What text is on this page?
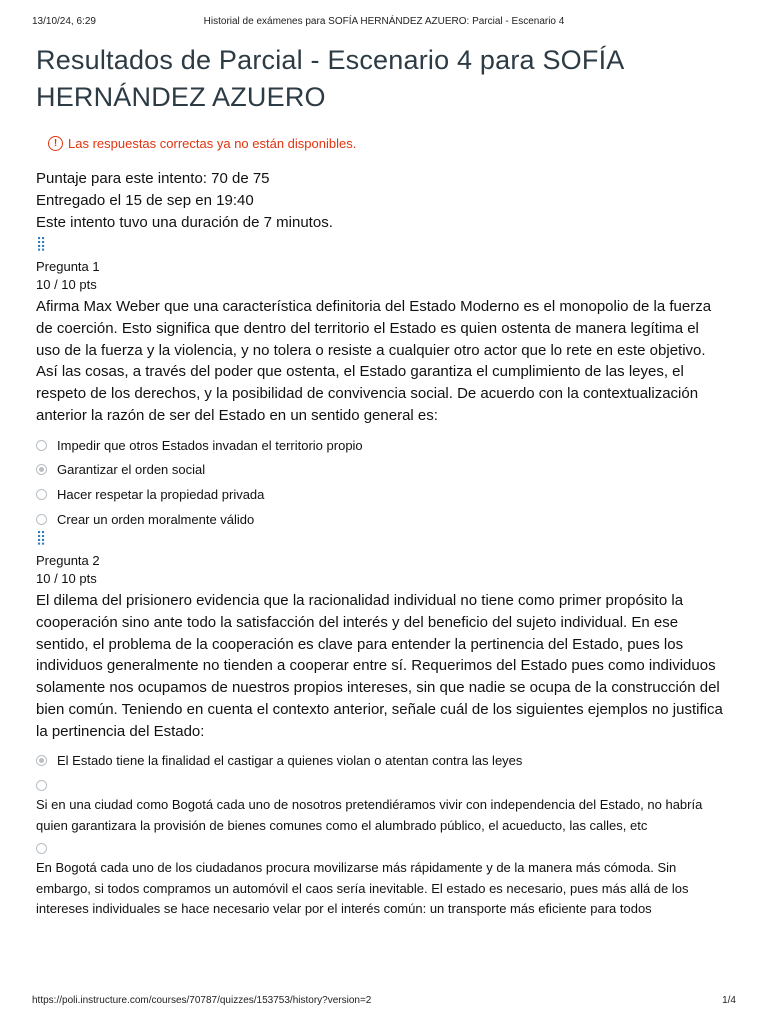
13/10/24, 6:29	Historial de exámenes para SOFÍA HERNÁNDEZ AZUERO: Parcial - Escenario 4
Resultados de Parcial - Escenario 4 para SOFÍA HERNÁNDEZ AZUERO
! Las respuestas correctas ya no están disponibles.
Puntaje para este intento: 70 de 75
Entregado el 15 de sep en 19:40
Este intento tuvo una duración de 7 minutos.
⣿
Pregunta 1
10 / 10 pts
Afirma Max Weber que una característica definitoria del Estado Moderno es el monopolio de la fuerza de coerción. Esto significa que dentro del territorio el Estado es quien ostenta de manera legítima el uso de la fuerza y la violencia, y no tolera o resiste a cualquier otro actor que lo rete en este objetivo. Así las cosas, a través del poder que ostenta, el Estado garantiza el cumplimiento de las leyes, el respeto de los derechos, y la posibilidad de convivencia social. De acuerdo con la contextualización anterior la razón de ser del Estado en un sentido general es:
Impedir que otros Estados invadan el territorio propio
Garantizar el orden social
Hacer respetar la propiedad privada
Crear un orden moralmente válido
⣿
Pregunta 2
10 / 10 pts
El dilema del prisionero evidencia que la racionalidad individual no tiene como primer propósito la cooperación sino ante todo la satisfacción del interés y del beneficio del sujeto individual. En ese sentido, el problema de la cooperación es clave para entender la pertinencia del Estado, pues los individuos generalmente no tienden a cooperar entre sí. Requerimos del Estado pues como individuos solamente nos ocupamos de nuestros propios intereses, sin que nadie se ocupa de la construcción del bien común. Teniendo en cuenta el contexto anterior, señale cuál de los siguientes ejemplos no justifica la pertinencia del Estado:
El Estado tiene la finalidad el castigar a quienes violan o atentan contra las leyes
Si en una ciudad como Bogotá cada uno de nosotros pretendiéramos vivir con independencia del Estado, no habría quien garantizara la provisión de bienes comunes como el alumbrado público, el acueducto, las calles, etc
En Bogotá cada uno de los ciudadanos procura movilizarse más rápidamente y de la manera más cómoda. Sin embargo, si todos compramos un automóvil el caos sería inevitable. El estado es necesario, pues más allá de los intereses individuales se hace necesario velar por el interés común: un transporte más eficiente para todos
https://poli.instructure.com/courses/70787/quizzes/153753/history?version=2	1/4
